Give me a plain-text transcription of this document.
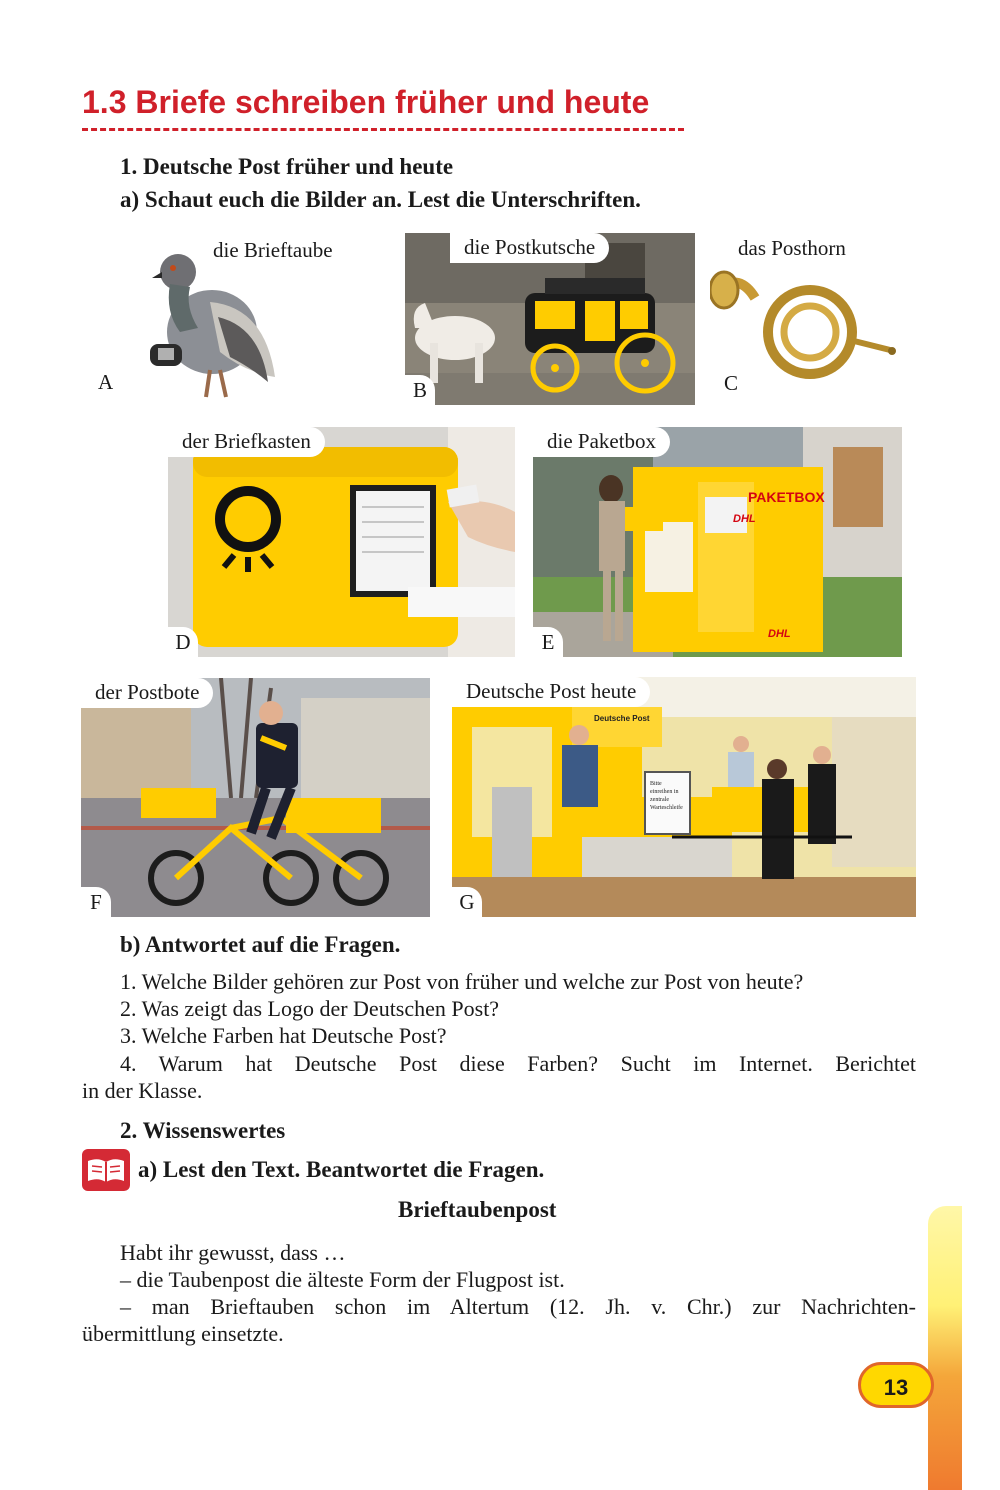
1.3 Briefe schreiben früher und heute
1. Deutsche Post früher und heute
a) Schaut euch die Bilder an. Lest die Unterschriften.
die Brieftaube
A
die Postkutsche
B
das Posthorn
C
der Briefkasten
D
PAKETBOX
DHL
DHL
die Paketbox
E
der Postbote
F
Deutsche Post
Bitte einreihen in zentrale Warteschleife
Deutsche Post heute
G
b) Antwortet auf die Fragen.
1. Welche Bilder gehören zur Post von früher und welche zur Post von heute?
2. Was zeigt das Logo der Deutschen Post?
3. Welche Farben hat Deutsche Post?
4. Warum hat Deutsche Post diese Farben? Sucht im Internet. Berichtet
in der Klasse.
2. Wissenswertes
a) Lest den Text. Beantwortet die Fragen.
Brieftaubenpost
Habt ihr gewusst, dass …
– die Taubenpost die älteste Form der Flugpost ist.
– man Brieftauben schon im Altertum (12. Jh. v. Chr.) zur Nachrichten-
übermittlung einsetzte.
13
